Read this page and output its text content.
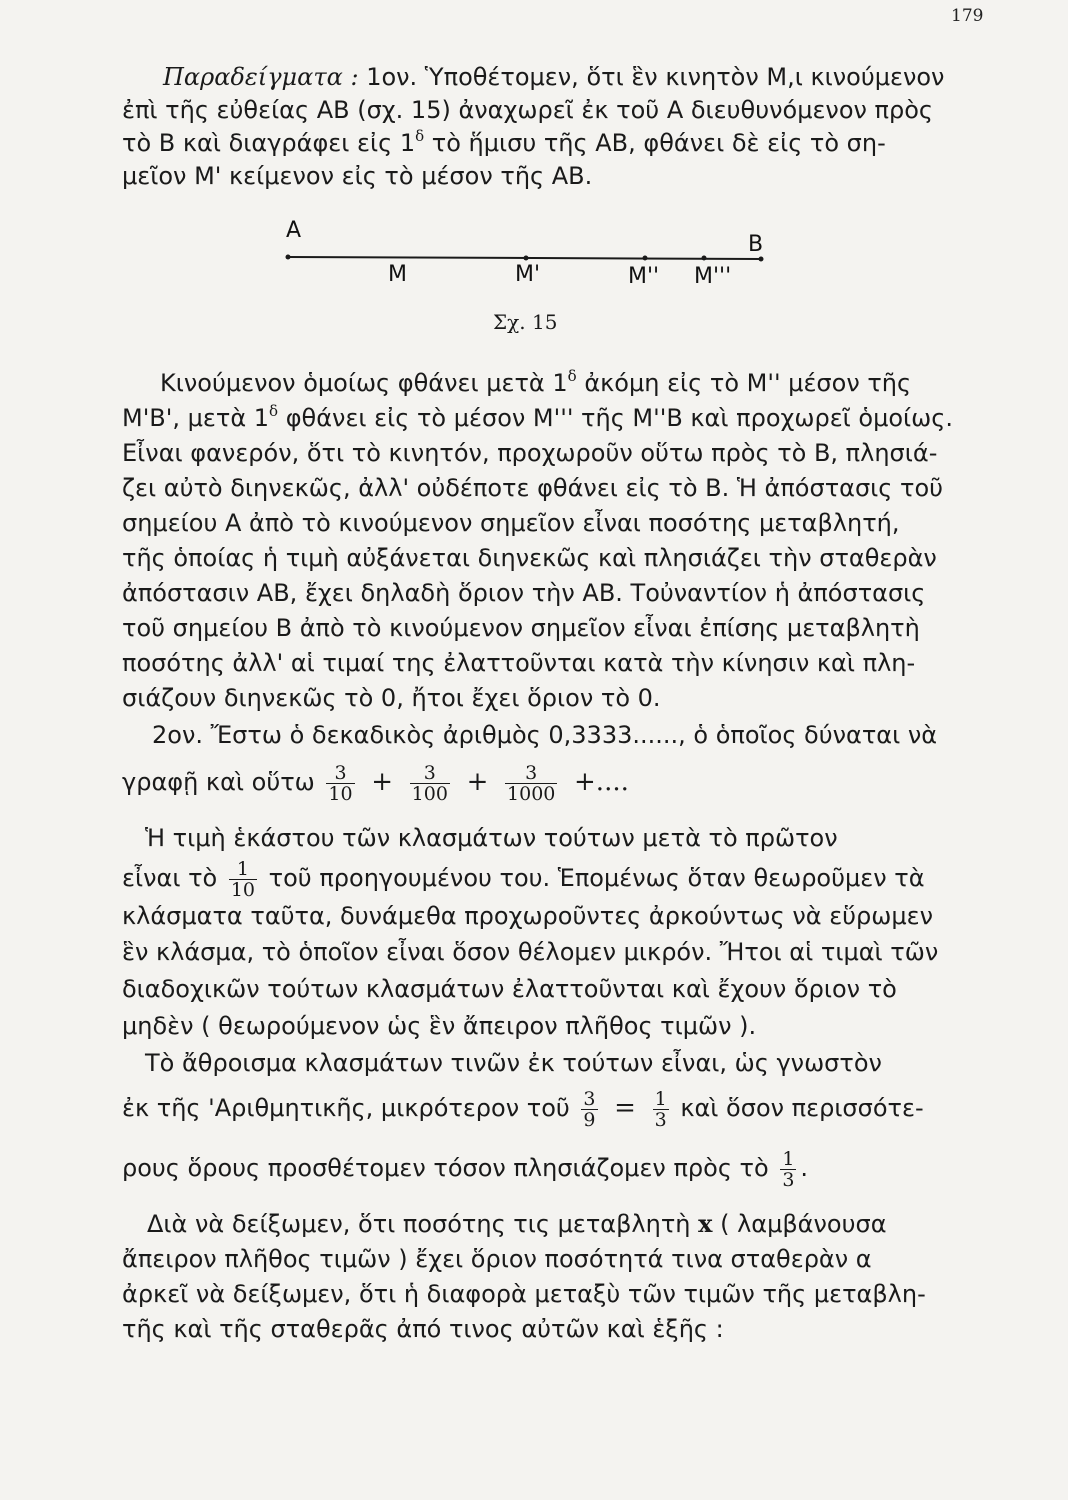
179
Παραδείγματα : 1ον. Ὑποθέτομεν, ὅτι ἓν κινητὸν Μ,ι κινούμενον
ἐπὶ τῆς εὐθείας ΑΒ (σχ. 15) ἀναχωρεῖ ἐκ τοῦ Α διευθυνόμενον πρὸς
τὸ Β καὶ διαγράφει εἰς $1^\delta$ τὸ ἥμισυ τῆς ΑΒ, φθάνει δὲ εἰς τὸ ση-
μεῖον Μ' κείμενον εἰς τὸ μέσον τῆς ΑΒ.
A
B
M	M'	M'' M'''
Σχ. 15
Κινούμενον ὁμοίως φθάνει μετὰ $1^\delta$ ἀκόμη εἰς τὸ Μ'' μέσον τῆς
Μ'Β', μετὰ $1^\delta$ φθάνει εἰς τὸ μέσον Μ''' τῆς Μ''Β καὶ προχωρεῖ ὁμοίως.
Εἶναι φανερόν, ὅτι τὸ κινητόν, προχωροῦν οὕτω πρὸς τὸ Β, πλησιά-
ζει αὐτὸ διηνεκῶς, ἀλλ' οὐδέποτε φθάνει εἰς τὸ Β. Ἡ ἀπόστασις τοῦ
σημείου Α ἀπὸ τὸ κινούμενον σημεῖον εἶναι ποσότης μεταβλητή,
τῆς ὁποίας ἡ τιμὴ αὐξάνεται διηνεκῶς καὶ πλησιάζει τὴν σταθερὰν
ἀπόστασιν ΑΒ, ἔχει δηλαδὴ ὅριον τὴν ΑΒ. Τοὐναντίον ἡ ἀπόστασις
τοῦ σημείου Β ἀπὸ τὸ κινούμενον σημεῖον εἶναι ἐπίσης μεταβλητὴ
ποσότης ἀλλ' αἱ τιμαί της ἐλαττοῦνται κατὰ τὴν κίνησιν καὶ πλη-
σιάζουν διηνεκῶς τὸ 0, ἤτοι ἔχει ὅριον τὸ 0.
2ον. Ἔστω ὁ δεκαδικὸς ἀριθμὸς 0,3333......, ὁ ὁποῖος δύναται νὰ
γραφῇ καὶ οὕτω $\frac{3}{10} + \frac{3}{100} + \frac{3}{1000}$ +....
Ἡ τιμὴ ἑκάστου τῶν κλασμάτων τούτων μετὰ τὸ πρῶτον
εἶναι τὸ $\frac{1}{10}$ τοῦ προηγουμένου του. Ἑπομένως ὅταν θεωροῦμεν τὰ
κλάσματα ταῦτα, δυνάμεθα προχωροῦντες ἀρκούντως νὰ εὕρωμεν
ἓν κλάσμα, τὸ ὁποῖον εἶναι ὅσον θέλομεν μικρόν. Ἤτοι αἱ τιμαὶ τῶν
διαδοχικῶν τούτων κλασμάτων ἐλαττοῦνται καὶ ἔχουν ὅριον τὸ
μηδὲν ( θεωρούμενον ὡς ἓν ἄπειρον πλῆθος τιμῶν ).
Τὸ ἄθροισμα κλασμάτων τινῶν ἐκ τούτων εἶναι, ὡς γνωστὸν
ἐκ τῆς 'Αριθμητικῆς, μικρότερον τοῦ $\frac{3}{9} = \frac{1}{3}$ καὶ ὅσον περισσότε-
ρους ὅρους προσθέτομεν τόσον πλησιάζομεν πρὸς τὸ $\frac{1}{3}$ .
Διὰ νὰ δείξωμεν, ὅτι ποσότης τις μεταβλητὴ x ( λαμβάνουσα
ἄπειρον πλῆθος τιμῶν ) ἔχει ὅριον ποσότητά τινα σταθερὰν α
ἀρκεῖ νὰ δείξωμεν, ὅτι ἡ διαφορὰ μεταξὺ τῶν τιμῶν τῆς μεταβλη-
τῆς καὶ τῆς σταθερᾶς ἀπό τινος αὐτῶν καὶ ἑξῆς :
